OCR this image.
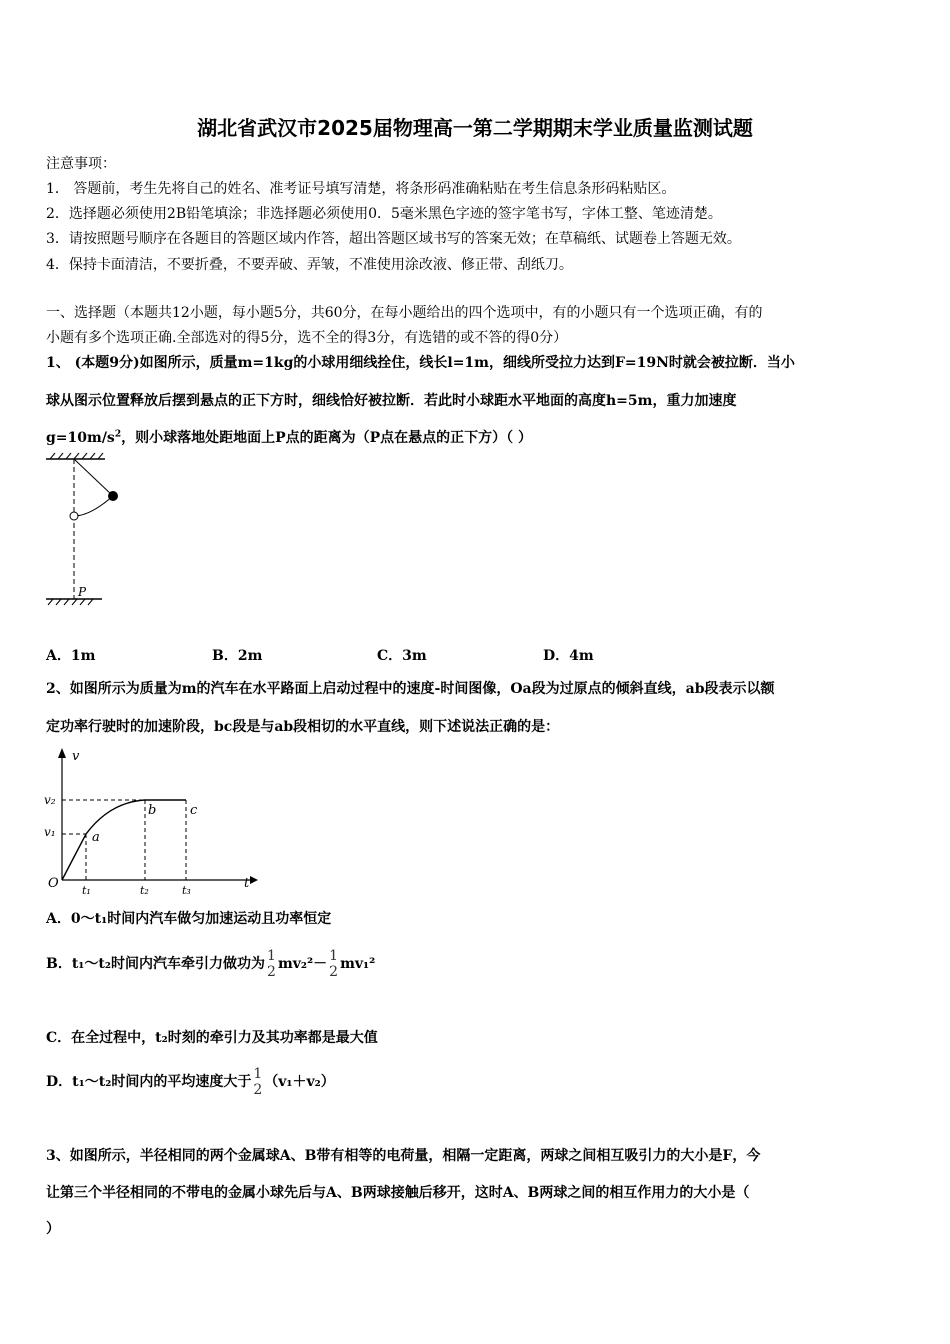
湖北省武汉市2025届物理高一第二学期期末学业质量监测试题
注意事项：
1． 答题前，考生先将自己的姓名、准考证号填写清楚，将条形码准确粘贴在考生信息条形码粘贴区。
2．选择题必须使用2B铅笔填涂；非选择题必须使用0．5毫米黑色字迹的签字笔书写，字体工整、笔迹清楚。
3．请按照题号顺序在各题目的答题区域内作答，超出答题区域书写的答案无效；在草稿纸、试题卷上答题无效。
4．保持卡面清洁，不要折叠，不要弄破、弄皱，不准使用涂改液、修正带、刮纸刀。
一、选择题（本题共12小题，每小题5分，共60分，在每小题给出的四个选项中，有的小题只有一个选项正确，有的
小题有多个选项正确.全部选对的得5分，选不全的得3分，有选错的或不答的得0分）
1、 (本题9分)如图所示，质量m=1kg的小球用细线拴住，线长l=1m，细线所受拉力达到F=19N时就会被拉断．当小
球从图示位置释放后摆到悬点的正下方时，细线恰好被拉断．若此时小球距水平地面的高度h=5m，重力加速度
$g=10m/s^2$，则小球落地处距地面上P点的距离为（P点在悬点的正下方）（ ）
P
A．1m	B．2m	C．3m	D．4m
2、如图所示为质量为m的汽车在水平路面上启动过程中的速度-时间图像，Oa段为过原点的倾斜直线，ab段表示以额
定功率行驶时的加速阶段，bc段是与ab段相切的水平直线，则下述说法正确的是：
v
t
O
v₂
v₁	a
b	c
t₁	t₂	t₃
A．0～t₁时间内汽车做匀加速运动且功率恒定
B．t₁～t₂时间内汽车牵引力做功为 1
2 mv₂²－ 1
2 mv₁²
C．在全过程中，t₂时刻的牵引力及其功率都是最大值
D．t₁～t₂时间内的平均速度大于 1
2 （v₁＋v₂）
3、如图所示，半径相同的两个金属球A、B带有相等的电荷量，相隔一定距离，两球之间相互吸引力的大小是F，今
让第三个半径相同的不带电的金属小球先后与A、B两球接触后移开，这时A、B两球之间的相互作用力的大小是（
）
